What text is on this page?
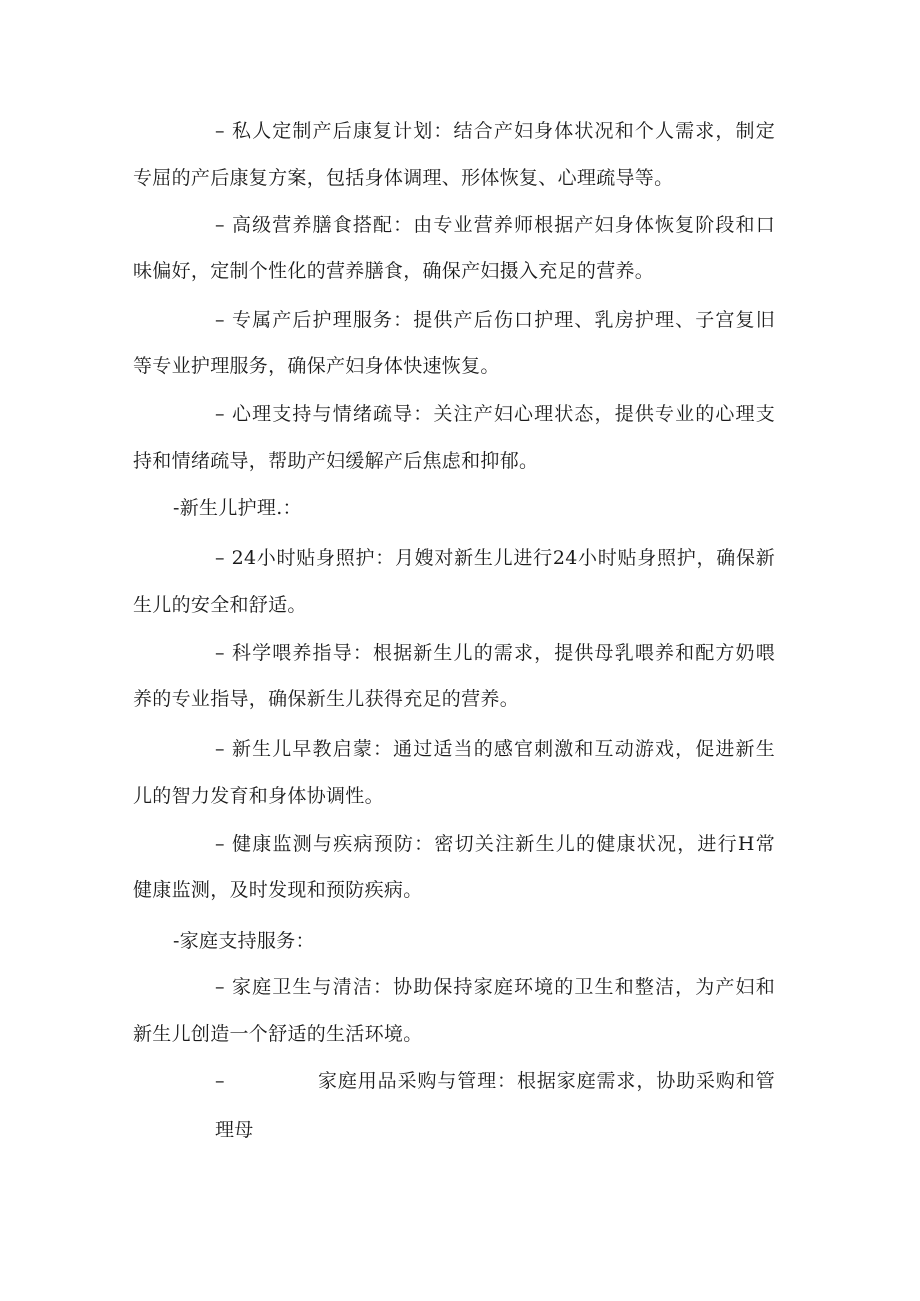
– 私人定制产后康复计划：结合产妇身体状况和个人需求，制定
专屈的产后康复方案，包括身体调理、形体恢复、心理疏导等。
– 高级营养膳食搭配：由专业营养师根据产妇身体恢复阶段和口
味偏好，定制个性化的营养膳食，确保产妇摄入充足的营养。
– 专属产后护理服务：提供产后伤口护理、乳房护理、子宫复旧
等专业护理服务，确保产妇身体快速恢复。
– 心理支持与情绪疏导：关注产妇心理状态，提供专业的心理支
持和情绪疏导，帮助产妇缓解产后焦虑和抑郁。
-新生儿护理.：
– 24小时贴身照护：月嫂对新生儿进行24小时贴身照护，确保新
生儿的安全和舒适。
– 科学喂养指导：根据新生儿的需求，提供母乳喂养和配方奶喂
养的专业指导，确保新生儿获得充足的营养。
– 新生儿早教启蒙：通过适当的感官刺激和互动游戏，促进新生
儿的智力发育和身体协调性。
– 健康监测与疾病预防：密切关注新生儿的健康状况，进行H常
健康监测，及时发现和预防疾病。
-家庭支持服务：
– 家庭卫生与清洁：协助保持家庭环境的卫生和整洁，为产妇和
新生儿创造一个舒适的生活环境。
–	家庭用品采购与管理：根据家庭需求，协助采购和管
理母
